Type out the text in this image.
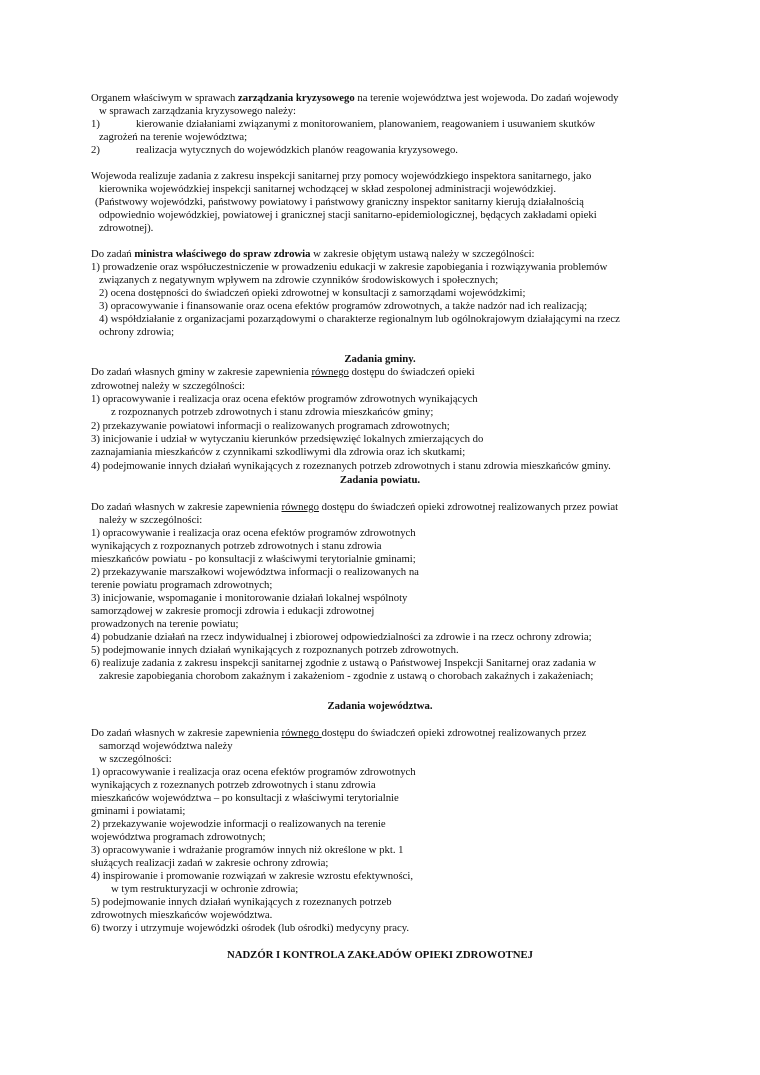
Organem właściwym w sprawach zarządzania kryzysowego na terenie województwa jest wojewoda. Do zadań wojewody
w sprawach zarządzania kryzysowego należy:
1)	kierowanie działaniami związanymi z monitorowaniem, planowaniem, reagowaniem i usuwaniem skutków
zagrożeń na terenie województwa;
2)	realizacja wytycznych do wojewódzkich planów reagowania kryzysowego.
Wojewoda realizuje zadania z zakresu inspekcji sanitarnej przy pomocy wojewódzkiego inspektora sanitarnego, jako
kierownika wojewódzkiej inspekcji sanitarnej wchodzącej w skład zespolonej administracji wojewódzkiej.
(Państwowy wojewódzki, państwowy powiatowy i państwowy graniczny inspektor sanitarny kierują działalnością
odpowiednio wojewódzkiej, powiatowej i granicznej stacji sanitarno-epidemiologicznej, będących zakładami opieki
zdrowotnej).
Do zadań ministra właściwego do spraw zdrowia w zakresie objętym ustawą należy w szczególności:
1) prowadzenie oraz współuczestniczenie w prowadzeniu edukacji w zakresie zapobiegania i rozwiązywania problemów
związanych z negatywnym wpływem na zdrowie czynników środowiskowych i społecznych;
2) ocena dostępności do świadczeń opieki zdrowotnej w konsultacji z samorządami wojewódzkimi;
3) opracowywanie i finansowanie oraz ocena efektów programów zdrowotnych, a także nadzór nad ich realizacją;
4) współdziałanie z organizacjami pozarządowymi o charakterze regionalnym lub ogólnokrajowym działającymi na rzecz
ochrony zdrowia;
Zadania gminy.
Do zadań własnych gminy w zakresie zapewnienia równego dostępu do świadczeń opieki
zdrowotnej należy w szczególności:
1) opracowywanie i realizacja oraz ocena efektów programów zdrowotnych wynikających
z rozpoznanych potrzeb zdrowotnych i stanu zdrowia mieszkańców gminy;
2) przekazywanie powiatowi informacji o realizowanych programach zdrowotnych;
3) inicjowanie i udział w wytyczaniu kierunków przedsięwzięć lokalnych zmierzających do
zaznajamiania mieszkańców z czynnikami szkodliwymi dla zdrowia oraz ich skutkami;
4) podejmowanie innych działań wynikających z rozeznanych potrzeb zdrowotnych i stanu zdrowia mieszkańców gminy.
Zadania powiatu.
Do zadań własnych w zakresie zapewnienia równego dostępu do świadczeń opieki zdrowotnej realizowanych przez powiat
należy w szczególności:
1) opracowywanie i realizacja oraz ocena efektów programów zdrowotnych
wynikających z rozpoznanych potrzeb zdrowotnych i stanu zdrowia
mieszkańców powiatu - po konsultacji z właściwymi terytorialnie gminami;
2) przekazywanie marszałkowi województwa informacji o realizowanych na
terenie powiatu programach zdrowotnych;
3) inicjowanie, wspomaganie i monitorowanie działań lokalnej wspólnoty
samorządowej w zakresie promocji zdrowia i edukacji zdrowotnej
prowadzonych na terenie powiatu;
4) pobudzanie działań na rzecz indywidualnej i zbiorowej odpowiedzialności za zdrowie i na rzecz ochrony zdrowia;
5) podejmowanie innych działań wynikających z rozpoznanych potrzeb zdrowotnych.
6) realizuje zadania z zakresu inspekcji sanitarnej zgodnie z ustawą o Państwowej Inspekcji Sanitarnej oraz zadania w
zakresie zapobiegania chorobom zakaźnym i zakażeniom - zgodnie z ustawą o chorobach zakaźnych i zakażeniach;
Zadania województwa.
Do zadań własnych w zakresie zapewnienia równego dostępu do świadczeń opieki zdrowotnej realizowanych przez
samorząd województwa należy
w szczególności:
1) opracowywanie i realizacja oraz ocena efektów programów zdrowotnych
wynikających z rozeznanych potrzeb zdrowotnych i stanu zdrowia
mieszkańców województwa – po konsultacji z właściwymi terytorialnie
gminami i powiatami;
2) przekazywanie wojewodzie informacji o realizowanych na terenie
województwa programach zdrowotnych;
3) opracowywanie i wdrażanie programów innych niż określone w pkt. 1
służących realizacji zadań w zakresie ochrony zdrowia;
4) inspirowanie i promowanie rozwiązań w zakresie wzrostu efektywności,
w tym restrukturyzacji w ochronie zdrowia;
5) podejmowanie innych działań wynikających z rozeznanych potrzeb
zdrowotnych mieszkańców województwa.
6) tworzy i utrzymuje wojewódzki ośrodek (lub ośrodki) medycyny pracy.
NADZÓR I KONTROLA ZAKŁADÓW OPIEKI ZDROWOTNEJ
